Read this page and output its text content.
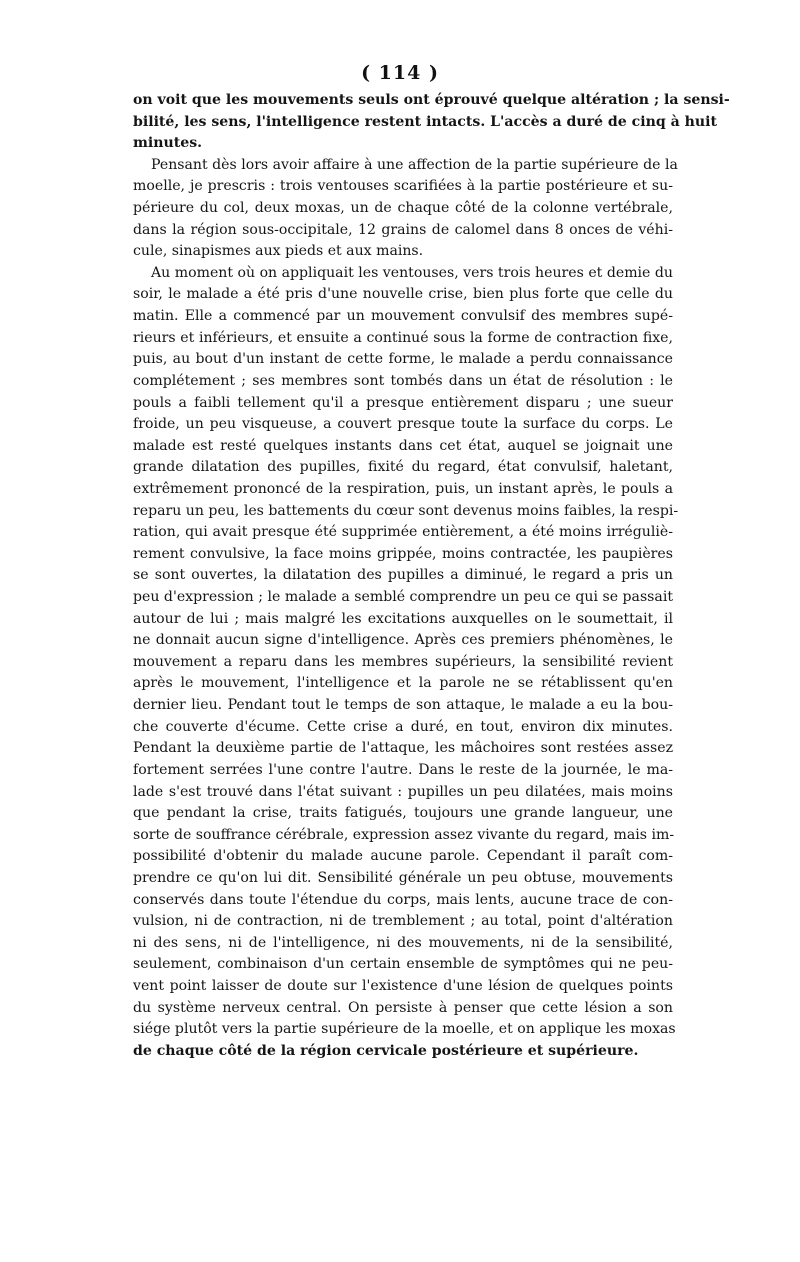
( 114 )
on voit que les mouvements seuls ont éprouvé quelque altération ; la sensi-
bilité, les sens, l'intelligence restent intacts. L'accès a duré de cinq à huit
minutes.
Pensant dès lors avoir affaire à une affection de la partie supérieure de la
moelle, je prescris : trois ventouses scarifiées à la partie postérieure et su-
périeure du col, deux moxas, un de chaque côté de la colonne vertébrale,
dans la région sous-occipitale, 12 grains de calomel dans 8 onces de véhi-
cule, sinapismes aux pieds et aux mains.
Au moment où on appliquait les ventouses, vers trois heures et demie du
soir, le malade a été pris d'une nouvelle crise, bien plus forte que celle du
matin. Elle a commencé par un mouvement convulsif des membres supé-
rieurs et inférieurs, et ensuite a continué sous la forme de contraction fixe,
puis, au bout d'un instant de cette forme, le malade a perdu connaissance
complétement ; ses membres sont tombés dans un état de résolution : le
pouls a faibli tellement qu'il a presque entièrement disparu ; une sueur
froide, un peu visqueuse, a couvert presque toute la surface du corps. Le
malade est resté quelques instants dans cet état, auquel se joignait une
grande dilatation des pupilles, fixité du regard, état convulsif, haletant,
extrêmement prononcé de la respiration, puis, un instant après, le pouls a
reparu un peu, les battements du cœur sont devenus moins faibles, la respi-
ration, qui avait presque été supprimée entièrement, a été moins irréguliè-
rement convulsive, la face moins grippée, moins contractée, les paupières
se sont ouvertes, la dilatation des pupilles a diminué, le regard a pris un
peu d'expression ; le malade a semblé comprendre un peu ce qui se passait
autour de lui ; mais malgré les excitations auxquelles on le soumettait, il
ne donnait aucun signe d'intelligence. Après ces premiers phénomènes, le
mouvement a reparu dans les membres supérieurs, la sensibilité revient
après le mouvement, l'intelligence et la parole ne se rétablissent qu'en
dernier lieu. Pendant tout le temps de son attaque, le malade a eu la bou-
che couverte d'écume. Cette crise a duré, en tout, environ dix minutes.
Pendant la deuxième partie de l'attaque, les mâchoires sont restées assez
fortement serrées l'une contre l'autre. Dans le reste de la journée, le ma-
lade s'est trouvé dans l'état suivant : pupilles un peu dilatées, mais moins
que pendant la crise, traits fatigués, toujours une grande langueur, une
sorte de souffrance cérébrale, expression assez vivante du regard, mais im-
possibilité d'obtenir du malade aucune parole. Cependant il paraît com-
prendre ce qu'on lui dit. Sensibilité générale un peu obtuse, mouvements
conservés dans toute l'étendue du corps, mais lents, aucune trace de con-
vulsion, ni de contraction, ni de tremblement ; au total, point d'altération
ni des sens, ni de l'intelligence, ni des mouvements, ni de la sensibilité,
seulement, combinaison d'un certain ensemble de symptômes qui ne peu-
vent point laisser de doute sur l'existence d'une lésion de quelques points
du système nerveux central. On persiste à penser que cette lésion a son
siége plutôt vers la partie supérieure de la moelle, et on applique les moxas
de chaque côté de la région cervicale postérieure et supérieure.
